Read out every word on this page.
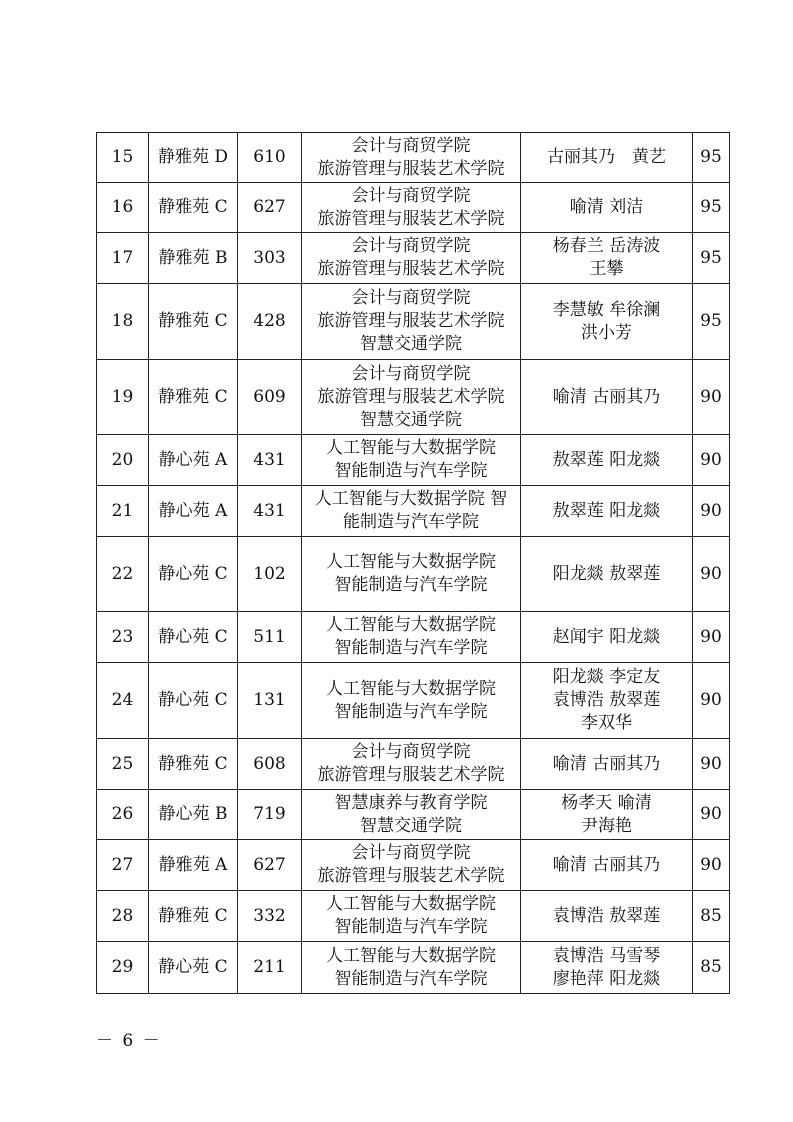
15	静雅苑 D	610	会计与商贸学院
旅游管理与服装艺术学院	古丽其乃　黄艺	95
16	静雅苑 C	627	会计与商贸学院
旅游管理与服装艺术学院	喻清 刘洁	95
17	静雅苑 B	303	会计与商贸学院
旅游管理与服装艺术学院	杨春兰 岳涛波
王攀	95
18	静雅苑 C	428	会计与商贸学院
旅游管理与服装艺术学院
智慧交通学院	李慧敏 牟徐澜
洪小芳	95
19	静雅苑 C	609	会计与商贸学院
旅游管理与服装艺术学院
智慧交通学院	喻清 古丽其乃	90
20	静心苑 A	431	人工智能与大数据学院
智能制造与汽车学院	敖翠莲 阳龙燚	90
21	静心苑 A	431	人工智能与大数据学院 智
能制造与汽车学院	敖翠莲 阳龙燚	90
22	静心苑 C	102	人工智能与大数据学院
智能制造与汽车学院	阳龙燚 敖翠莲	90
23	静心苑 C	511	人工智能与大数据学院
智能制造与汽车学院	赵闻宇 阳龙燚	90
24	静心苑 C	131	人工智能与大数据学院
智能制造与汽车学院	阳龙燚 李定友
袁博浩 敖翠莲
李双华	90
25	静雅苑 C	608	会计与商贸学院
旅游管理与服装艺术学院	喻清 古丽其乃	90
26	静心苑 B	719	智慧康养与教育学院
智慧交通学院	杨孝天 喻清
尹海艳	90
27	静雅苑 A	627	会计与商贸学院
旅游管理与服装艺术学院	喻清 古丽其乃	90
28	静雅苑 C	332	人工智能与大数据学院
智能制造与汽车学院	袁博浩 敖翠莲	85
29	静心苑 C	211	人工智能与大数据学院
智能制造与汽车学院	袁博浩 马雪琴
廖艳萍 阳龙燚	85
－ 6 －
